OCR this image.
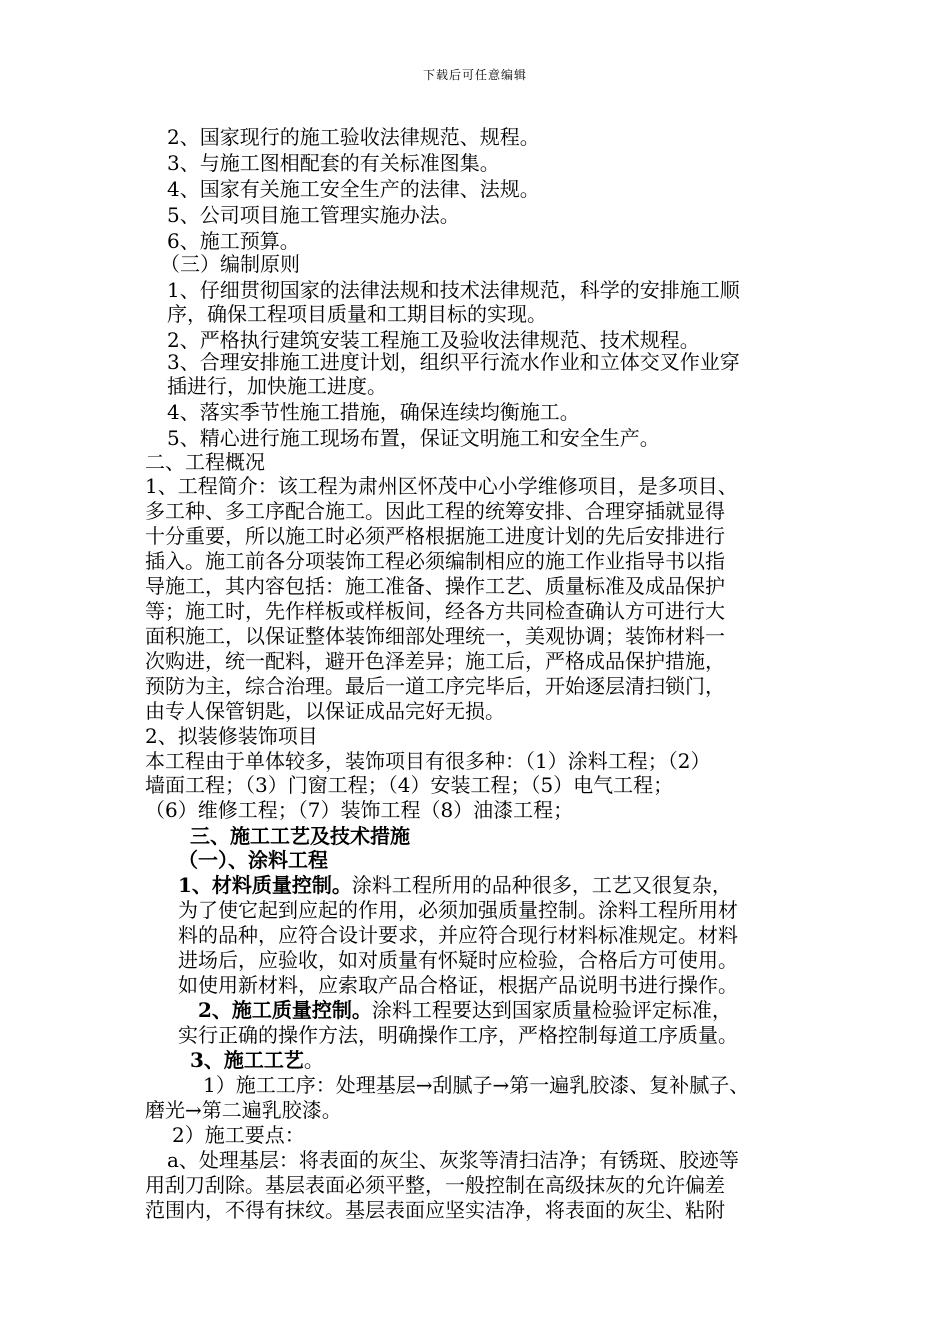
下载后可任意编辑
2、国家现行的施工验收法律规范、规程。
3、与施工图相配套的有关标准图集。
4、国家有关施工安全生产的法律、法规。
5、公司项目施工管理实施办法。
6、施工预算。
（三）编制原则
1、仔细贯彻国家的法律法规和技术法律规范，科学的安排施工顺
序，确保工程项目质量和工期目标的实现。
2、严格执行建筑安装工程施工及验收法律规范、技术规程。
3、合理安排施工进度计划，组织平行流水作业和立体交叉作业穿
插进行，加快施工进度。
4、落实季节性施工措施，确保连续均衡施工。
5、精心进行施工现场布置，保证文明施工和安全生产。
二、工程概况
1、工程简介：该工程为肃州区怀茂中心小学维修项目，是多项目、
多工种、多工序配合施工。因此工程的统筹安排、合理穿插就显得
十分重要，所以施工时必须严格根据施工进度计划的先后安排进行
插入。施工前各分项装饰工程必须编制相应的施工作业指导书以指
导施工，其内容包括：施工准备、操作工艺、质量标准及成品保护
等；施工时，先作样板或样板间，经各方共同检查确认方可进行大
面积施工，以保证整体装饰细部处理统一，美观协调；装饰材料一
次购进，统一配料，避开色泽差异；施工后，严格成品保护措施，
预防为主，综合治理。最后一道工序完毕后，开始逐层清扫锁门，
由专人保管钥匙，以保证成品完好无损。
2、拟装修装饰项目
本工程由于单体较多，装饰项目有很多种：（1）涂料工程；（2）
墙面工程；（3）门窗工程；（4）安装工程；（5）电气工程；
（6）维修工程；（7）装饰工程（8）油漆工程；
三、施工工艺及技术措施
（一）、涂料工程
1、材料质量控制。涂料工程所用的品种很多，工艺又很复杂，
为了使它起到应起的作用，必须加强质量控制。涂料工程所用材
料的品种，应符合设计要求，并应符合现行材料标准规定。材料
进场后，应验收，如对质量有怀疑时应检验，合格后方可使用。
如使用新材料，应索取产品合格证，根据产品说明书进行操作。
2、施工质量控制。涂料工程要达到国家质量检验评定标准，
实行正确的操作方法，明确操作工序，严格控制每道工序质量。
3、施工工艺。
1）施工工序：处理基层→刮腻子→第一遍乳胶漆、复补腻子、
磨光→第二遍乳胶漆。
2）施工要点：
a、处理基层：将表面的灰尘、灰浆等清扫洁净；有锈斑、胶迹等
用刮刀刮除。基层表面必须平整，一般控制在高级抹灰的允许偏差
范围内，不得有抹纹。基层表面应坚实洁净，将表面的灰尘、粘附
